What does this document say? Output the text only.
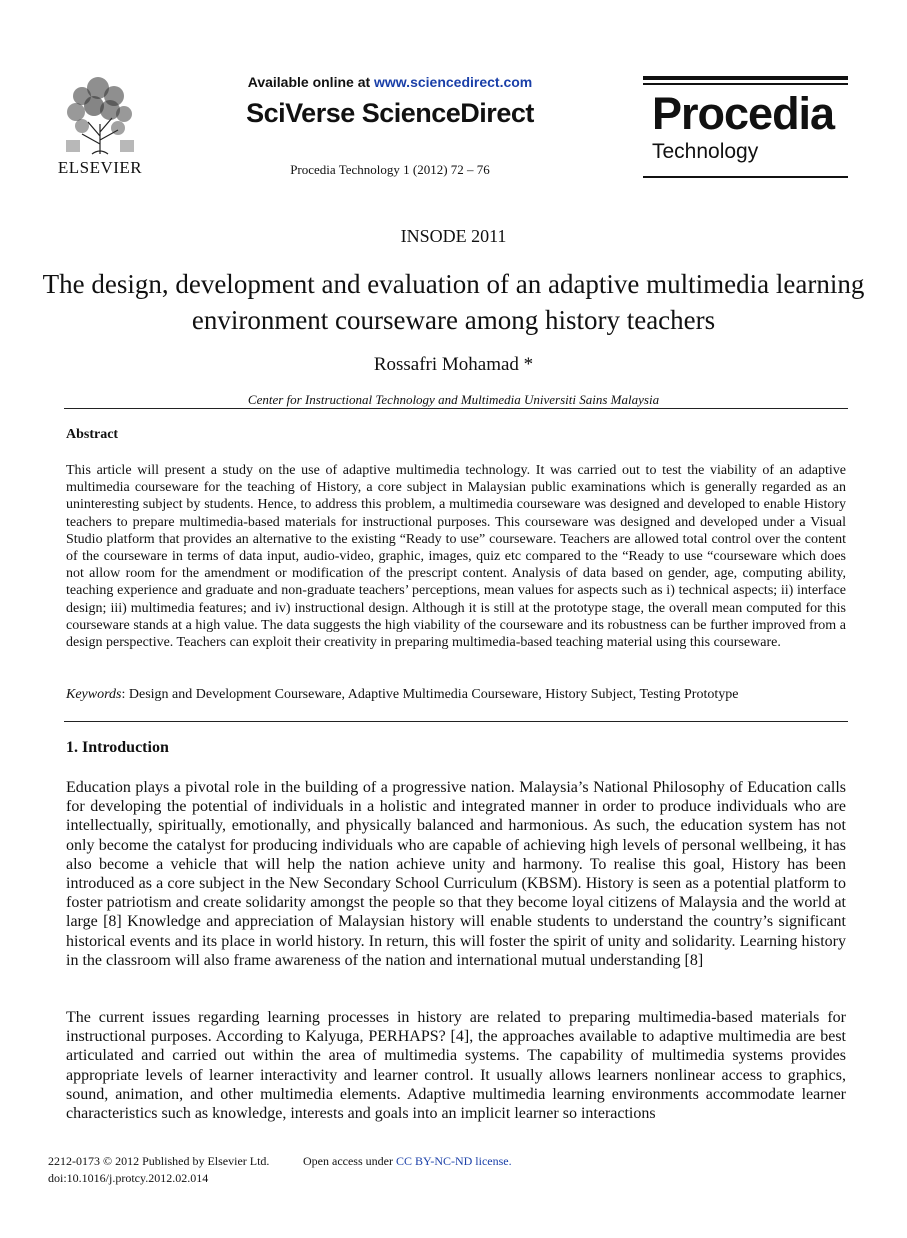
ELSEVIER
Available online at www.sciencedirect.com
SciVerse ScienceDirect
Procedia Technology 1 (2012) 72 – 76
Procedia
Technology
INSODE 2011
The design, development and evaluation of an adaptive multimedia learning environment courseware among history teachers
Rossafri Mohamad *
Center for Instructional Technology and Multimedia Universiti Sains Malaysia
Abstract
This article will present a study on the use of adaptive multimedia technology. It was carried out to test the viability of an adaptive multimedia courseware for the teaching of History, a core subject in Malaysian public examinations which is generally regarded as an uninteresting subject by students. Hence, to address this problem, a multimedia courseware was designed and developed to enable History teachers to prepare multimedia-based materials for instructional purposes. This courseware was designed and developed under a Visual Studio platform that provides an alternative to the existing “Ready to use” courseware. Teachers are allowed total control over the content of the courseware in terms of data input, audio-video, graphic, images, quiz etc compared to the “Ready to use “courseware which does not allow room for the amendment or modification of the prescript content. Analysis of data based on gender, age, computing ability, teaching experience and graduate and non-graduate teachers’ perceptions, mean values for aspects such as i) technical aspects; ii) interface design; iii) multimedia features; and iv) instructional design. Although it is still at the prototype stage, the overall mean computed for this courseware stands at a high value. The data suggests the high viability of the courseware and its robustness can be further improved from a design perspective. Teachers can exploit their creativity in preparing multimedia-based teaching material using this courseware.
Keywords: Design and Development Courseware, Adaptive Multimedia Courseware, History Subject, Testing Prototype
1. Introduction
Education plays a pivotal role in the building of a progressive nation. Malaysia’s National Philosophy of Education calls for developing the potential of individuals in a holistic and integrated manner in order to produce individuals who are intellectually, spiritually, emotionally, and physically balanced and harmonious. As such, the education system has not only become the catalyst for producing individuals who are capable of achieving high levels of personal wellbeing, it has also become a vehicle that will help the nation achieve unity and harmony. To realise this goal, History has been introduced as a core subject in the New Secondary School Curriculum (KBSM). History is seen as a potential platform to foster patriotism and create solidarity amongst the people so that they become loyal citizens of Malaysia and the world at large [8] Knowledge and appreciation of Malaysian history will enable students to understand the country’s significant historical events and its place in world history. In return, this will foster the spirit of unity and solidarity. Learning history in the classroom will also frame awareness of the nation and international mutual understanding [8]
The current issues regarding learning processes in history are related to preparing multimedia-based materials for instructional purposes. According to Kalyuga, PERHAPS? [4], the approaches available to adaptive multimedia are best articulated and carried out within the area of multimedia systems. The capability of multimedia systems provides appropriate levels of learner interactivity and learner control. It usually allows learners nonlinear access to graphics, sound, animation, and other multimedia elements. Adaptive multimedia learning environments accommodate learner characteristics such as knowledge, interests and goals into an implicit learner so interactions
2212-0173 © 2012 Published by Elsevier Ltd.	Open access under CC BY-NC-ND license.
doi:10.1016/j.protcy.2012.02.014
